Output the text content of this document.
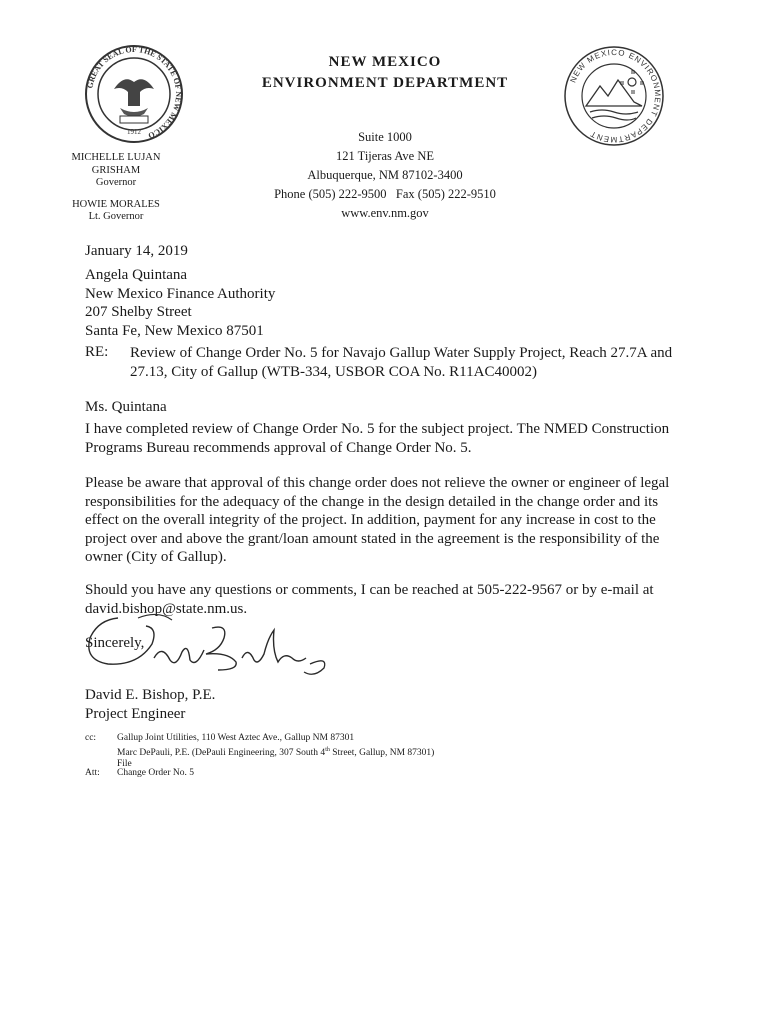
GREAT SEAL OF THE STATE OF NEW MEXICO
1912
NEW MEXICO ENVIRONMENT DEPARTMENT
NEW MEXICO
ENVIRONMENT DEPARTMENT
Suite 1000
121 Tijeras Ave NE
Albuquerque, NM 87102-3400
Phone (505) 222-9500   Fax (505) 222-9510
www.env.nm.gov
MICHELLE LUJAN
GRISHAM
Governor
HOWIE MORALES
Lt. Governor
January 14, 2019
Angela Quintana
New Mexico Finance Authority
207 Shelby Street
Santa Fe, New Mexico 87501
RE: Review of Change Order No. 5 for Navajo Gallup Water Supply Project, Reach 27.7A and 27.13, City of Gallup (WTB-334, USBOR COA No. R11AC40002)
Ms. Quintana
I have completed review of Change Order No. 5 for the subject project. The NMED Construction Programs Bureau recommends approval of Change Order No. 5.
Please be aware that approval of this change order does not relieve the owner or engineer of legal responsibilities for the adequacy of the change in the design detailed in the change order and its effect on the overall integrity of the project. In addition, payment for any increase in cost to the project over and above the grant/loan amount stated in the agreement is the responsibility of the owner (City of Gallup).
Should you have any questions or comments, I can be reached at 505-222-9567 or by e-mail at david.bishop@state.nm.us.
Sincerely,
David E. Bishop, P.E.
Project Engineer
cc: Gallup Joint Utilities, 110 West Aztec Ave., Gallup NM 87301
Marc DePauli, P.E. (DePauli Engineering, 307 South 4th Street, Gallup, NM 87301)
File
Att: Change Order No. 5
